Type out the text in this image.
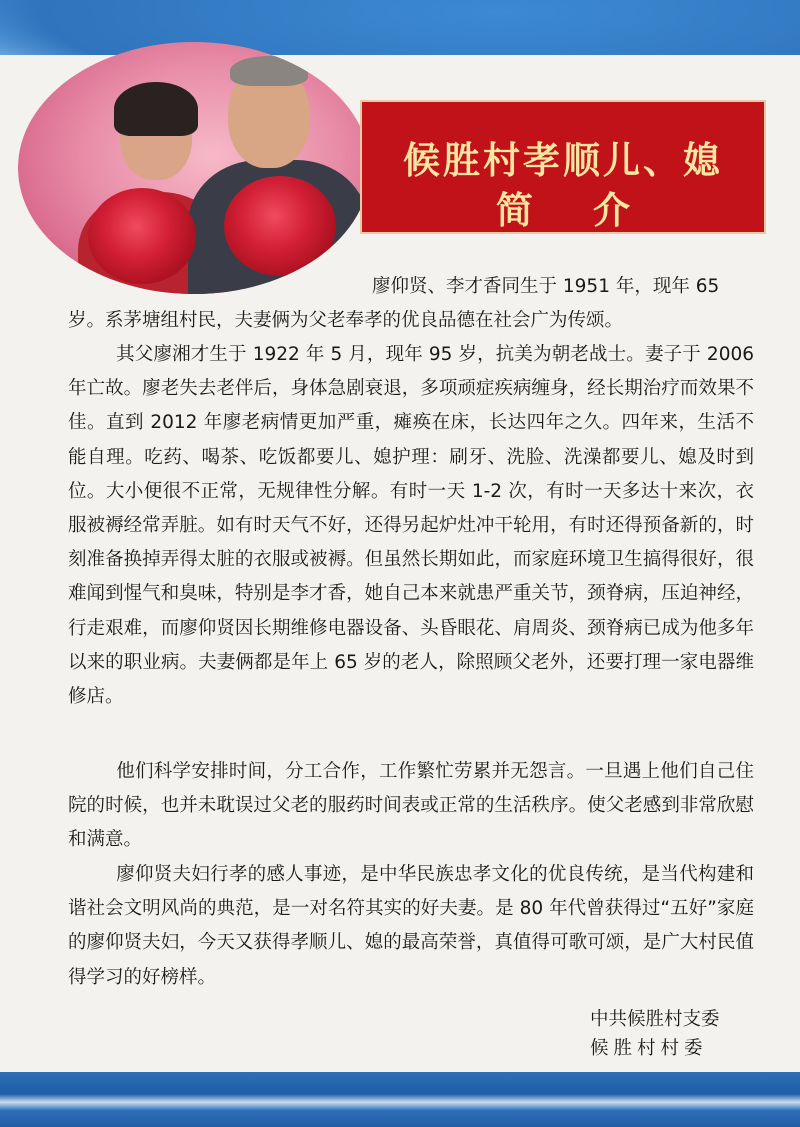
候胜村孝顺儿、媳
简介

廖仰贤、李才香同生于 1951 年，现年 65

岁。系茅塘组村民，夫妻俩为父老奉孝的优良品德在社会广为传颂。

其父廖湘才生于 1922 年 5 月，现年 95 岁，抗美为朝老战士。妻子于 2006 年亡故。廖老失去老伴后，身体急剧衰退，多项顽症疾病缠身，经长期治疗而效果不佳。直到 2012 年廖老病情更加严重，瘫痪在床，长达四年之久。四年来，生活不能自理。吃药、喝茶、吃饭都要儿、媳护理：刷牙、洗脸、洗澡都要儿、媳及时到位。大小便很不正常，无规律性分解。有时一天 1-2 次，有时一天多达十来次，衣服被褥经常弄脏。如有时天气不好，还得另起炉灶冲干轮用，有时还得预备新的，时刻准备换掉弄得太脏的衣服或被褥。但虽然长期如此，而家庭环境卫生搞得很好，很难闻到惺气和臭味，特别是李才香，她自己本来就患严重关节，颈脊病，压迫神经，行走艰难，而廖仰贤因长期维修电器设备、头昏眼花、肩周炎、颈脊病已成为他多年以来的职业病。夫妻俩都是年上 65 岁的老人，除照顾父老外，还要打理一家电器维修店。

他们科学安排时间，分工合作，工作繁忙劳累并无怨言。一旦遇上他们自己住院的时候，也并未耽误过父老的服药时间表或正常的生活秩序。使父老感到非常欣慰和满意。

廖仰贤夫妇行孝的感人事迹，是中华民族忠孝文化的优良传统，是当代构建和谐社会文明风尚的典范，是一对名符其实的好夫妻。是 80 年代曾获得过“五好”家庭的廖仰贤夫妇，今天又获得孝顺儿、媳的最高荣誉，真值得可歌可颂，是广大村民值得学习的好榜样。

中共候胜村支委
候胜村村委
